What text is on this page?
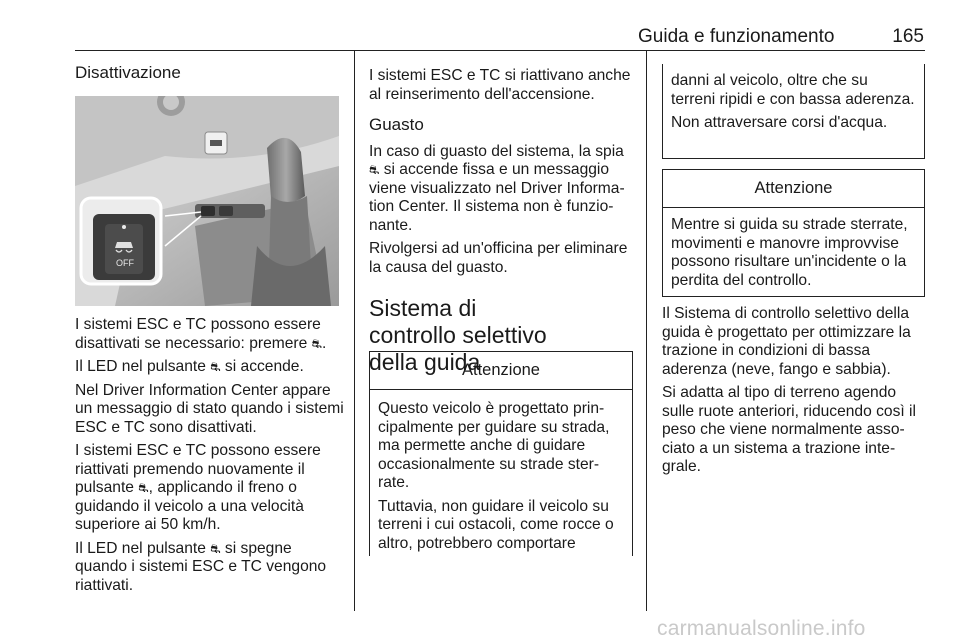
Guida e funzionamento	165
Disattivazione
OFF

I sistemi ESC e TC possono essere disattivati se necessario: premere ⛐.

Il LED nel pulsante ⛐ si accende.

Nel Driver Information Center appare un messaggio di stato quando i sistemi ESC e TC sono disattivati.

I sistemi ESC e TC possono essere riattivati premendo nuovamente il pulsante ⛐, applicando il freno o guidando il veicolo a una velocità superiore ai 50 km/h.

Il LED nel pulsante ⛐ si spegne quando i sistemi ESC e TC vengono riattivati.

I sistemi ESC e TC si riattivano anche al reinserimento dell'accensione.

Guasto

In caso di guasto del sistema, la spia ⛐ si accende fissa e un messaggio viene visualizzato nel Driver Informa-tion Center. Il sistema non è funzio-nante.

Rivolgersi ad un'officina per eliminare la causa del guasto.

Sistema di controllo selettivo della guida
Attenzione

Questo veicolo è progettato prin-cipalmente per guidare su strada, ma permette anche di guidare occasionalmente su strade ster-rate.

Tuttavia, non guidare il veicolo su terreni i cui ostacoli, come rocce o altro, potrebbero comportare

danni al veicolo, oltre che su terreni ripidi e con bassa aderenza.

Non attraversare corsi d'acqua.

Attenzione

Mentre si guida su strade sterrate, movimenti e manovre improvvise possono risultare un'incidente o la perdita del controllo.

Il Sistema di controllo selettivo della guida è progettato per ottimizzare la trazione in condizioni di bassa aderenza (neve, fango e sabbia).

Si adatta al tipo di terreno agendo sulle ruote anteriori, riducendo così il peso che viene normalmente asso-ciato a un sistema a trazione inte-grale.

carmanualsonline.info
